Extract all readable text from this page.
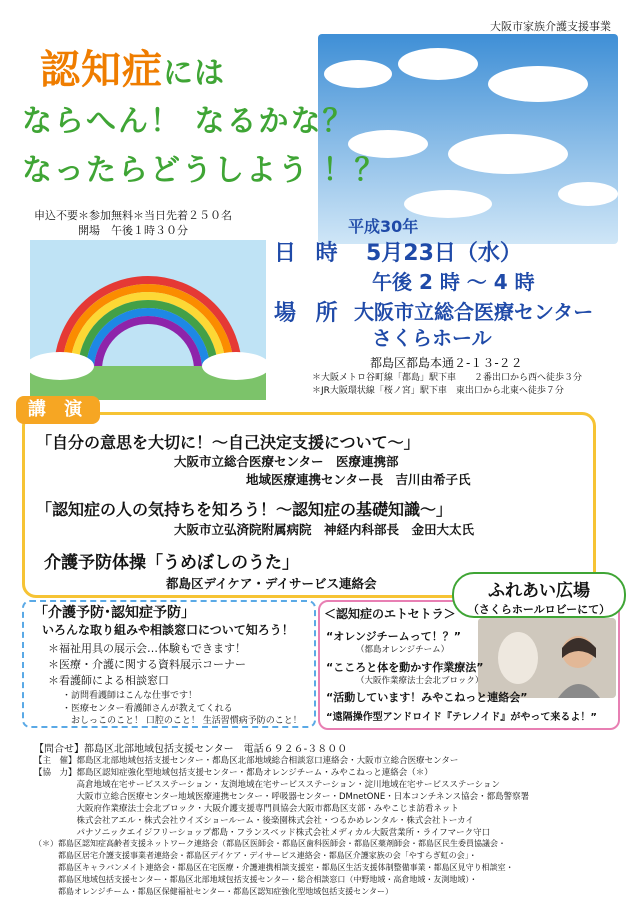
大阪市家族介護支援事業
認知症には
ならへん！ なるかな？
なったらどうしよう ！？
申込不要＊参加無料＊当日先着２５０名
開場　午後１時３０分	平成30年
日 時 5月23日（水）
午後 2 時 ～ 4 時
場 所 大阪市立総合医療センター
さくらホール
都島区都島本通２-１３-２２
＊大阪メトロ谷町線「都島」駅下車　　２番出口から西へ徒歩３分
＊JR大阪環状線「桜ノ宮」駅下車　東出口から北東へ徒歩７分
講 演
「自分の意思を大切に！～自己決定支援について～」
大阪市立総合医療センター　医療連携部
地域医療連携センター長　吉川由希子氏
「認知症の人の気持ちを知ろう！～認知症の基礎知識～」
大阪市立弘済院附属病院　神経内科部長　金田大太氏
介護予防体操「うめぼしのうた」
都島区デイケア・デイサービス連絡会
「介護予防･認知症予防」
いろんな取り組みや相談窓口について知ろう！
＊福祉用具の展示会…体験もできます！
＊医療・介護に関する資料展示コーナー
＊看護師による相談窓口
・訪問看護師はこんな仕事です！
・医療センター看護師さんが教えてくれる
　おしっこのこと！ 口腔のこと！ 生活習慣病予防のこと！
ふれあい広場
（さくらホールロビーにて）
＜認知症のエトセトラ＞
“オレンジチームって！？”
（都島オレンジチーム）
“こころと体を動かす作業療法”
（大阪作業療法士会北ブロック）
“活動しています！みやこねっと連絡会”
“遠隔操作型アンドロイド『テレノイド』がやって来るよ！”
【問合せ】都島区北部地域包括支援センター　電話６９２６-３８００
【主　催】都島区北部地域包括支援センター・都島区北部地域総合相談窓口連絡会・大阪市立総合医療センター
【協　力】都島区認知症強化型地域包括支援センター・都島オレンジチーム・みやこねっと連絡会（＊）
　　　　　高倉地域在宅サービスステーション・友渕地域在宅サービスステーション・淀川地域在宅サービスステーション
　　　　　大阪市立総合医療センター地域医療連携センター・呼吸器センター・DMnetONE・日本コンチネンス協会・都島警察署
　　　　　大阪府作業療法士会北ブロック・大阪介護支援専門員協会大阪市都島区支部・みやこじま訪看ネット
　　　　　株式会社アエル・株式会社ウイズショールーム・後楽園株式会社・つるかめレンタル・株式会社トーカイ
　　　　　パナソニックエイジフリーショップ都島・フランスベッド株式会社メディカル大阪営業所・ライフマーク守口
（＊）都島区認知症高齢者支援ネットワーク連絡会（都島区医師会・都島区歯科医師会・都島区薬剤師会・都島区民生委員協議会・
　　　都島区居宅介護支援事業者連絡会・都島区デイケア・デイサービス連絡会・都島区介護家族の会「やすらぎ虹の会」・
　　　都島区キャラバンメイト連絡会・都島区在宅医療・介護連携相談支援室・都島区生活支援体制整備事業・都島区見守り相談室・
　　　都島区地域包括支援センター・都島区北部地域包括支援センター・総合相談窓口（中野地域・高倉地域・友渕地域）・
　　　都島オレンジチーム・都島区保健福祉センター・都島区認知症強化型地域包括支援センター）
